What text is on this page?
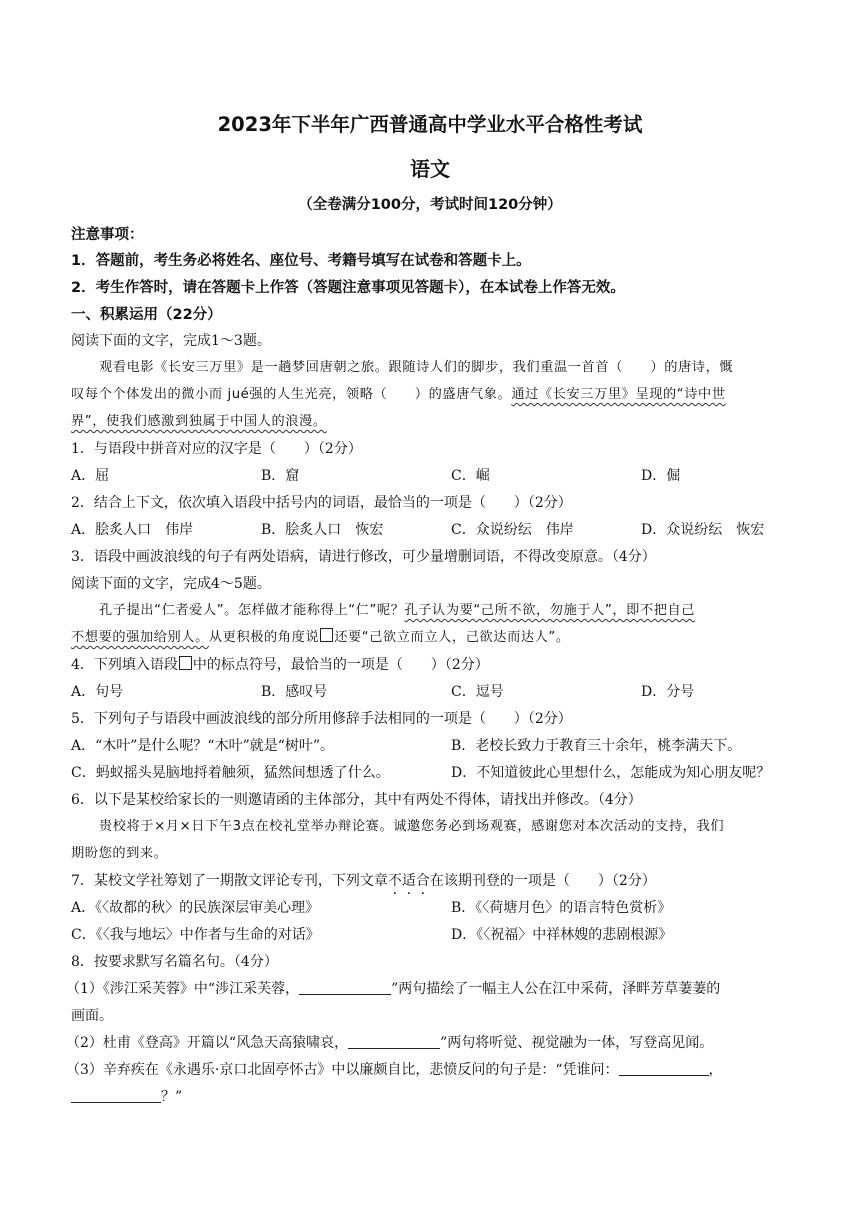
2023年下半年广西普通高中学业水平合格性考试
语文
（全卷满分100分，考试时间120分钟）
注意事项：
1．答题前，考生务必将姓名、座位号、考籍号填写在试卷和答题卡上。
2．考生作答时，请在答题卡上作答（答题注意事项见答题卡），在本试卷上作答无效。
一、积累运用（22分）
阅读下面的文字，完成1～3题。
观看电影《长安三万里》是一趟梦回唐朝之旅。跟随诗人们的脚步，我们重温一首首（　　）的唐诗，慨
叹每个个体发出的微小而 jué强的人生光亮，领略（　　）的盛唐气象。通过《长安三万里》呈现的“诗中世
界”，使我们感激到独属于中国人的浪漫。
1．与语段中拼音对应的汉字是（　　）（2分）
A．屈	B．窟	C．崛	D．倔
2．结合上下文，依次填入语段中括号内的词语，最恰当的一项是（　　）（2分）
A．脍炙人口　伟岸	B．脍炙人口　恢宏	C．众说纷纭　伟岸	D．众说纷纭　恢宏
3．语段中画波浪线的句子有两处语病，请进行修改，可少量增删词语，不得改变原意。（4分）
阅读下面的文字，完成4～5题。
孔子提出“仁者爱人”。怎样做才能称得上“仁”呢？孔子认为要“己所不欲，勿施于人”，即不把自己
不想要的强加给别人。从更积极的角度说 还要“己欲立而立人，己欲达而达人”。
4．下列填入语段 中的标点符号，最恰当的一项是（　　）（2分）
A．句号	B．感叹号	C．逗号	D．分号
5．下列句子与语段中画波浪线的部分所用修辞手法相同的一项是（　　）（2分）
A．“木叶”是什么呢？“木叶”就是“树叶”。	B．老校长致力于教育三十余年，桃李满天下。
C．蚂蚁摇头晃脑地捋着触须，猛然间想透了什么。	D．不知道彼此心里想什么，怎能成为知心朋友呢？
6．以下是某校给家长的一则邀请函的主体部分，其中有两处不得体，请找出并修改。（4分）
贵校将于×月×日下午3点在校礼堂举办辩论赛。诚邀您务必到场观赛，感谢您对本次活动的支持，我们
期盼您的到来。
7．某校文学社筹划了一期散文评论专刊，下列文章不适合在该期刊登的一项是（　　）（2分）
A．《〈故都的秋〉的民族深层审美心理》	B．《〈荷塘月色〉的语言特色赏析》
C．《〈我与地坛〉中作者与生命的对话》	D．《〈祝福〉中祥林嫂的悲剧根源》
8．按要求默写名篇名句。（4分）
（1）《涉江采芙蓉》中“涉江采芙蓉，	”两句描绘了一幅主人公在江中采荷，泽畔芳草萋萋的
画面。
（2）杜甫《登高》开篇以“风急天高猿啸哀，	”两句将听觉、视觉融为一体，写登高见闻。
（3）辛弃疾在《永遇乐·京口北固亭怀古》中以廉颇自比，悲愤反问的句子是：“凭谁问：	，
？”
